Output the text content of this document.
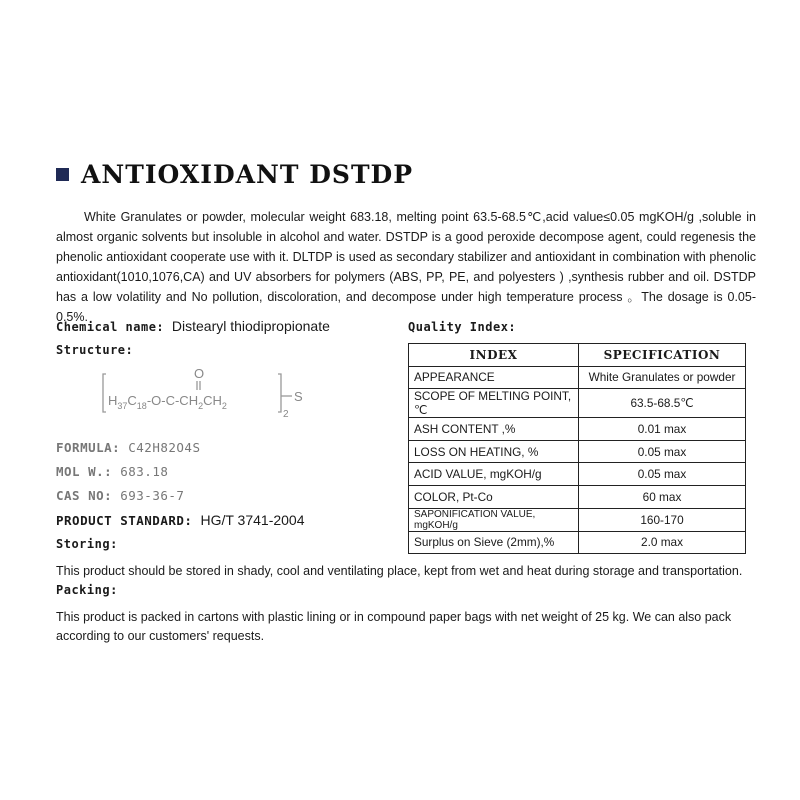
ANTIOXIDANT DSTDP

White Granulates or powder, molecular weight 683.18, melting point 63.5-68.5℃,acid value≤0.05 mgKOH/g ,soluble in almost organic solvents but insoluble in alcohol and water. DSTDP is a good peroxide decompose agent, could regenesis the phenolic antioxidant cooperate use with it. DLTDP is used as secondary stabilizer and antioxidant in combination with phenolic antioxidant(1010,1076,CA) and UV absorbers for polymers (ABS, PP, PE, and polyesters ) ,synthesis rubber and oil. DSTDP has a low volatility and No pollution, discoloration, and decompose under high temperature process 。The dosage is 0.05-0.5%.

Chemical name: Distearyl thiodipropionate
Structure:
O
$H_{37}C_{18}-O-C-CH_2CH_2$
2
S
FORMULA: C42H82O4S
MOL W.: 683.18
CAS NO: 693-36-7
PRODUCT STANDARD: HG/T 3741-2004
Quality Index:
INDEX	SPECIFICATION
APPEARANCE	White Granulates or powder
SCOPE OF MELTING POINT,℃	63.5-68.5℃
ASH CONTENT ,%	0.01 max
LOSS ON HEATING, %	0.05 max
ACID VALUE, mgKOH/g	0.05 max
COLOR, Pt-Co	60 max
SAPONIFICATION VALUE, mgKOH/g	160-170
Surplus on Sieve (2mm),%	2.0 max
Storing:

This product should be stored in shady, cool and ventilating place, kept from wet and heat during storage and transportation.

Packing:

This product is packed in cartons with plastic lining or in compound paper bags with net weight of 25 kg. We can also pack according to our customers' requests.
